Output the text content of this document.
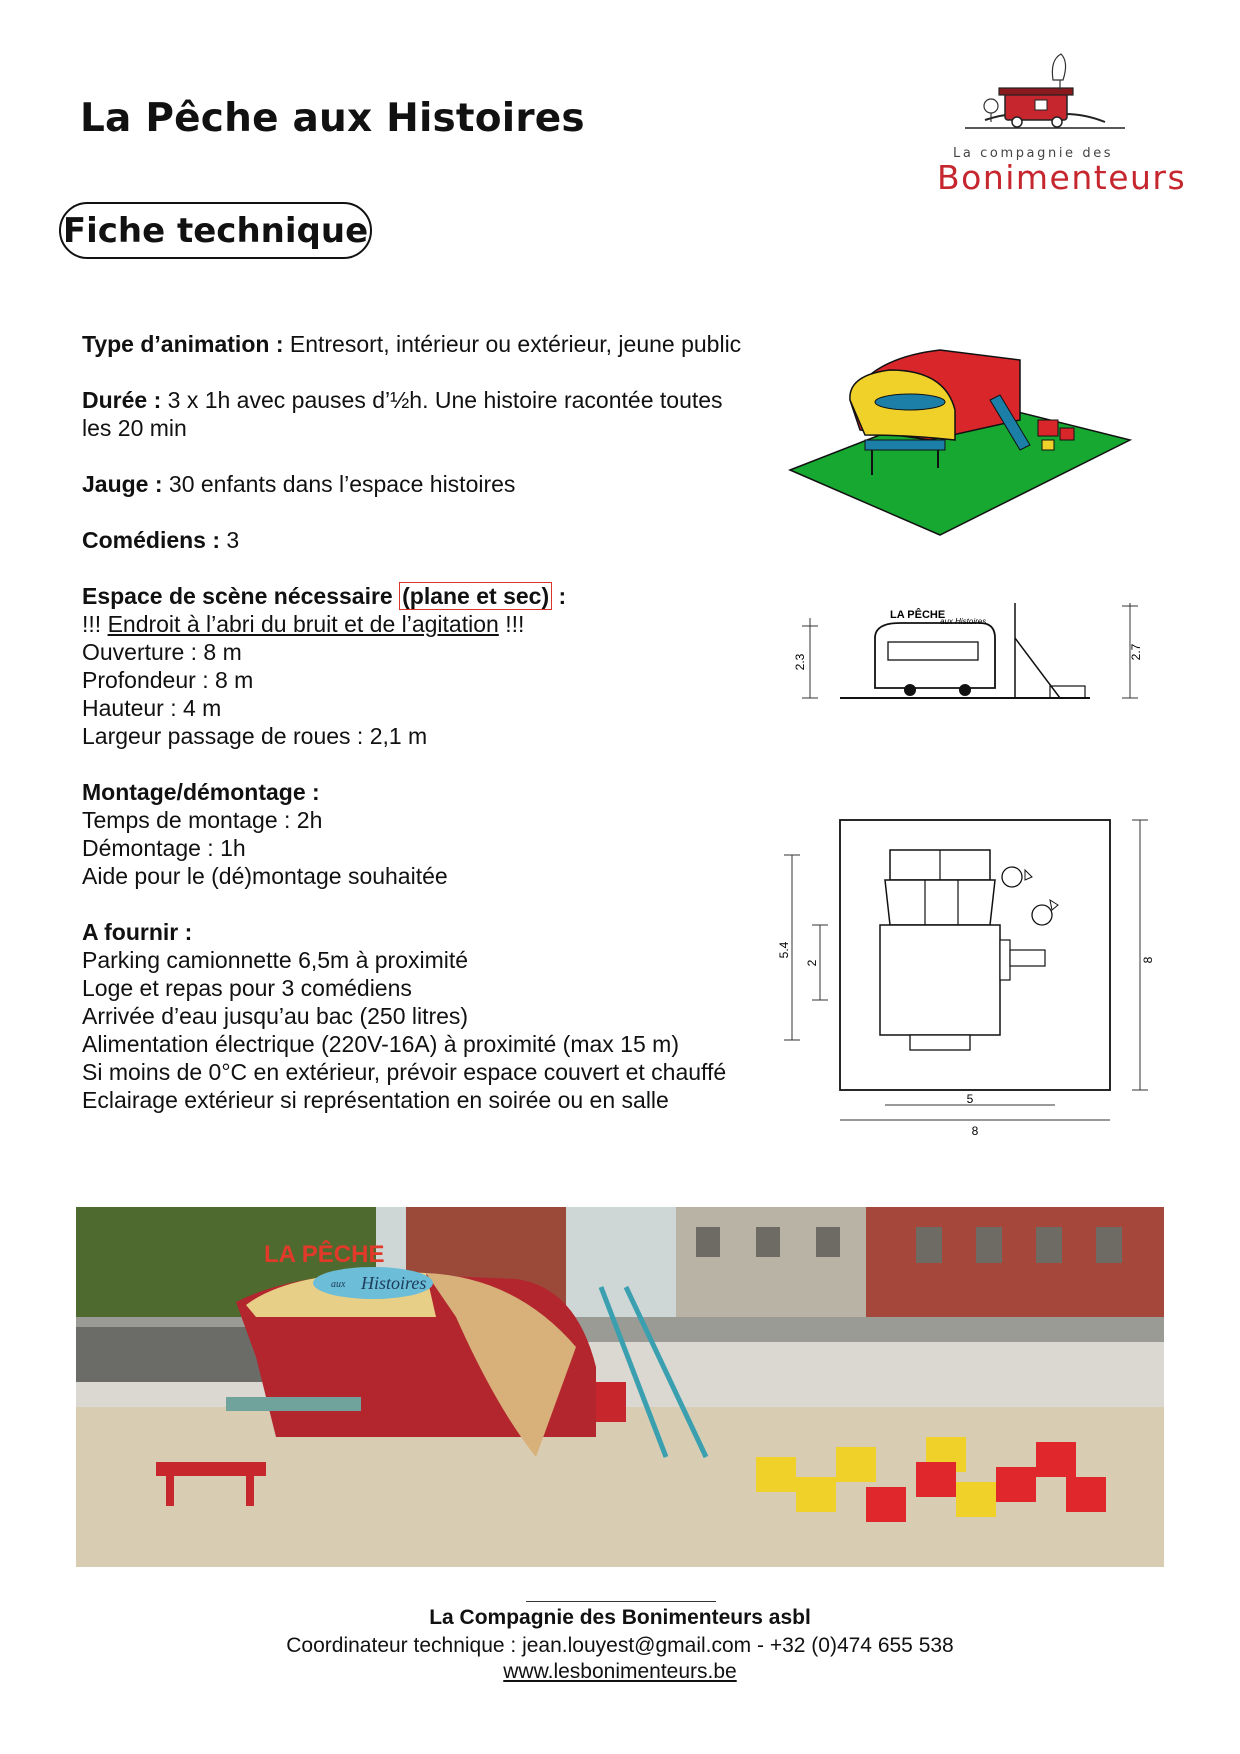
La Pêche aux Histoires
Fiche technique
La compagnie des
Bonimenteurs
Type d’animation : Entresort, intérieur ou extérieur, jeune public
Durée : 3 x 1h avec pauses d’½h. Une histoire racontée toutes les 20 min
Jauge : 30 enfants dans l’espace histoires
Comédiens : 3
Espace de scène nécessaire (plane et sec) :
!!! Endroit à l’abri du bruit et de l’agitation !!!
Ouverture : 8 m
Profondeur : 8 m
Hauteur : 4 m
Largeur passage de roues : 2,1 m
Montage/démontage :
Temps de montage : 2h
Démontage : 1h
Aide pour le (dé)montage souhaitée
A fournir :
Parking camionnette 6,5m à proximité
Loge et repas pour 3 comédiens
Arrivée d’eau jusqu’au bac (250 litres)
Alimentation électrique (220V-16A) à proximité (max 15 m)
Si moins de 0°C en extérieur, prévoir espace couvert et chauffé
Eclairage extérieur si représentation en soirée ou en salle
2.3
2.7
LA PÊCHE
aux Histoires
8
5.4
2
5
8
LA PÊCHE
aux Histoires
La Compagnie des Bonimenteurs asbl
Coordinateur technique : jean.louyest@gmail.com - +32 (0)474 655 538
www.lesbonimenteurs.be
